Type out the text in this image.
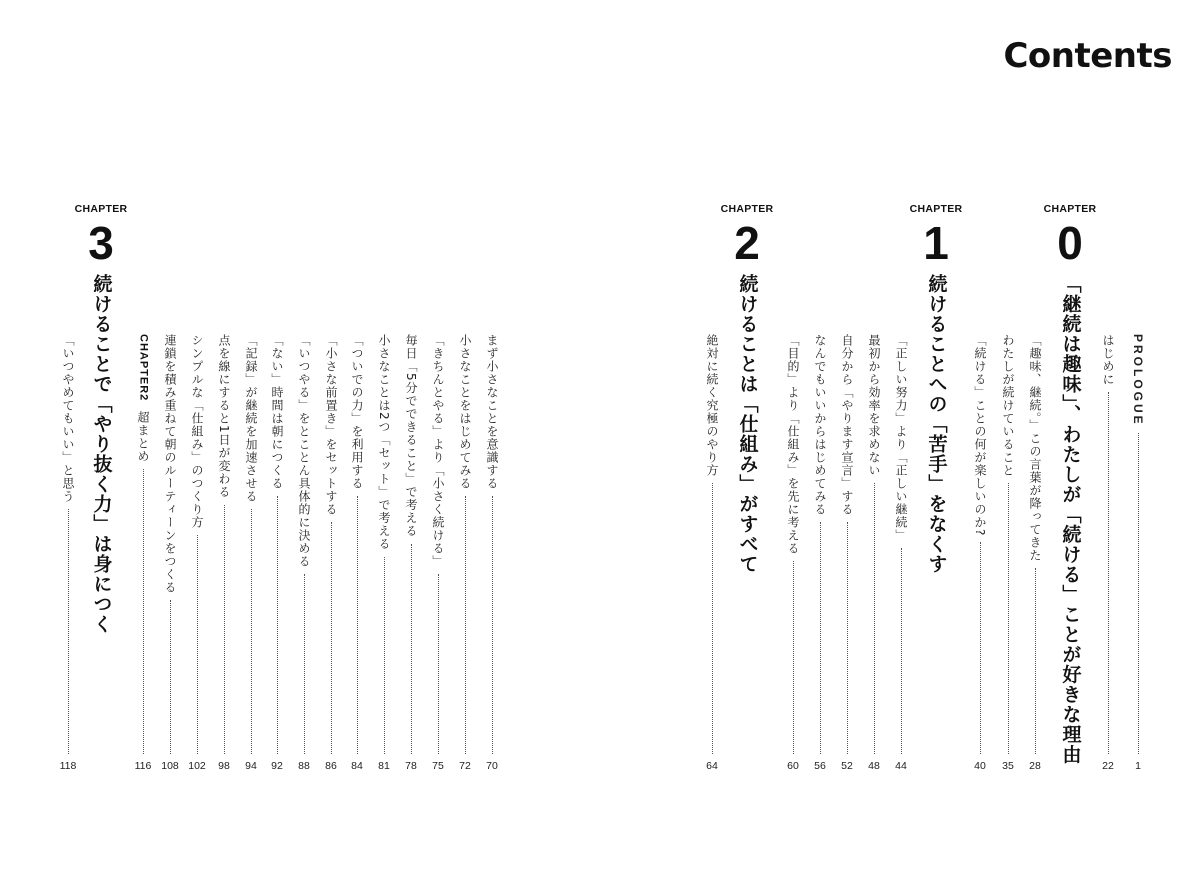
Contents
CHAPTER
0
「継続は趣味」、わたしが「続ける」ことが好きな理由
CHAPTER
1
続けることへの「苦手」をなくす
CHAPTER
2
続けることは「仕組み」がすべて
CHAPTER
3
続けることで「やり抜く力」は身につく	PROLOGUE
1
はじめに
22
「趣味、継続。」この言葉が降ってきた
28
わたしが続けていること
35
「続ける」ことの何が楽しいのか?
40
「正しい努力」より「正しい継続」
44
最初から効率を求めない
48
自分から「やります宣言」する
52
なんでもいいからはじめてみる
56
「目的」より「仕組み」を先に考える
60
絶対に続く究極のやり方
64
まず小さなことを意識する
70
小さなことをはじめてみる
72
「きちんとやる」より「小さく続ける」
75
毎日「5分でできること」で考える
78
小さなことは2つ「セット」で考える
81
「ついでの力」を利用する
84
「小さな前置き」をセットする
86
「いつやる」をとことん具体的に決める
88
「ない」時間は朝につくる
92
「記録」が継続を加速させる
94
点を線にすると1日が変わる
98
シンプルな「仕組み」のつくり方
102
連鎖を積み重ねて朝のルーティーンをつくる
108
CHAPTER2
超まとめ
116
「いつやめてもいい」と思う
118
